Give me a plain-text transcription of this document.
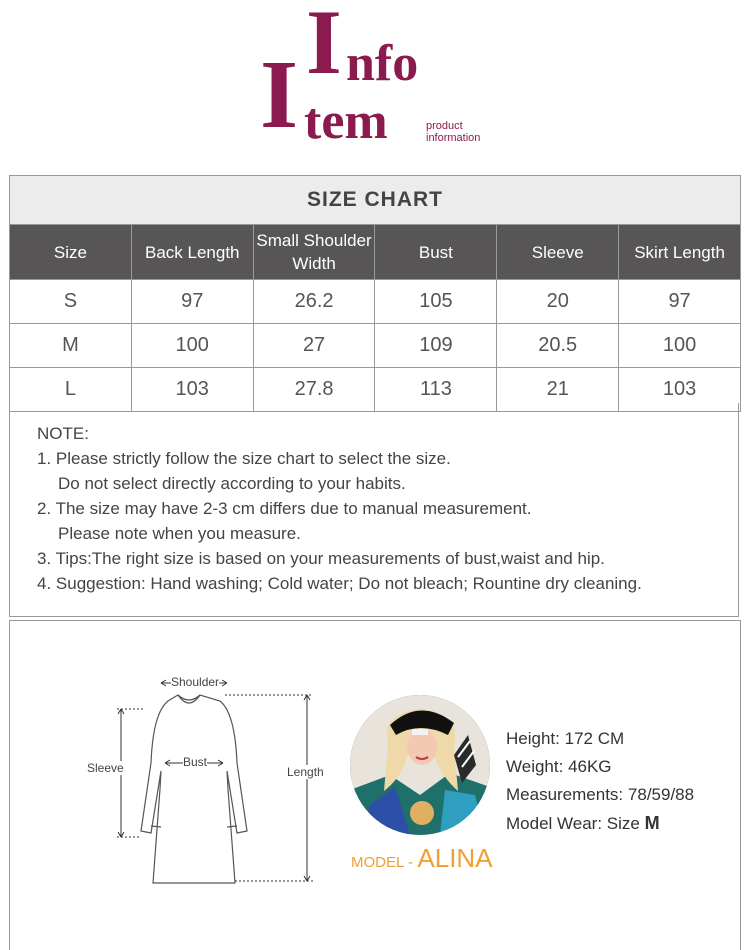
I nfo
I tem	product
information
SIZE CHART
Size	Back Length	Small Shoulder Width	Bust	Sleeve	Skirt Length
S	97	26.2	105	20	97
M	100	27	109	20.5	100
L	103	27.8	113	21	103
NOTE:
1. Please strictly follow the size chart to select the size.
Do not select directly according to your habits.
2. The size may have 2-3 cm differs due to manual measurement.
Please note when you measure.
3. Tips:The right size is based on your measurements of bust,waist and hip.
4. Suggestion: Hand washing; Cold water; Do not bleach; Rountine dry cleaning.
Shoulder
Bust
Sleeve	Length
MODEL - ALINA
Height: 172 CM
Weight: 46KG
Measurements: 78/59/88
Model Wear: Size M
